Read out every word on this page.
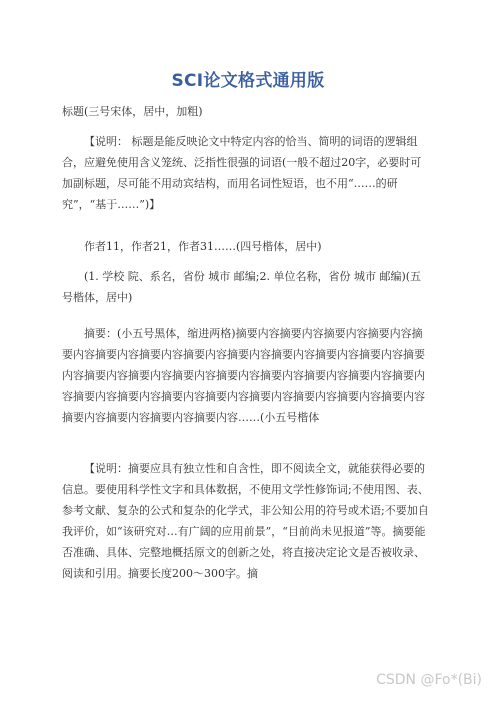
SCI论文格式通用版

标题(三号宋体，居中，加粗)

【说明： 标题是能反映论文中特定内容的恰当、简明的词语的逻辑组合，应避免使用含义笼统、泛指性很强的词语(一般不超过20字，必要时可加副标题，尽可能不用动宾结构，而用名词性短语，也不用“……的研究”，“基于……”)】

作者11，作者21，作者31……(四号楷体，居中)

(1. 学校 院、系名，省份 城市 邮编;2. 单位名称，省份 城市 邮编)(五号楷体，居中)

摘要：(小五号黑体，缩进两格)摘要内容摘要内容摘要内容摘要内容摘要内容摘要内容摘要内容摘要内容摘要内容摘要内容摘要内容摘要内容摘要内容摘要内容摘要内容摘要内容摘要内容摘要内容摘要内容摘要内容摘要内容摘要内容摘要内容摘要内容摘要内容摘要内容摘要内容摘要内容摘要内容摘要内容摘要内容摘要内容摘要内容……(小五号楷体

【说明：摘要应具有独立性和自含性，即不阅读全文，就能获得必要的信息。要使用科学性文字和具体数据，不使用文学性修饰词;不使用图、表、参考文献、复杂的公式和复杂的化学式，非公知公用的符号或术语;不要加自我评价，如“该研究对…有广阔的应用前景”，“目前尚未见报道”等。摘要能否准确、具体、完整地概括原文的创新之处，将直接决定论文是否被收录、阅读和引用。摘要长度200～300字。摘

CSDN @Fo*(Bi)
